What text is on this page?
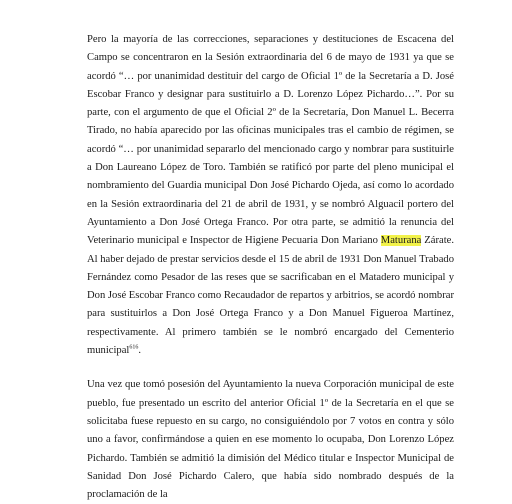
Pero la mayoría de las correcciones, separaciones y destituciones de Escacena del Campo se concentraron en la Sesión extraordinaria del 6 de mayo de 1931 ya que se acordó “… por unanimidad destituir del cargo de Oficial 1º de la Secretaría a D. José Escobar Franco y designar para sustituirlo a D. Lorenzo López Pichardo…”. Por su parte, con el argumento de que el Oficial 2º de la Secretaría, Don Manuel L. Becerra Tirado, no había aparecido por las oficinas municipales tras el cambio de régimen, se acordó “… por unanimidad separarlo del mencionado cargo y nombrar para sustituirle a Don Laureano López de Toro. También se ratificó por parte del pleno municipal el nombramiento del Guardia municipal Don José Pichardo Ojeda, así como lo acordado en la Sesión extraordinaria del 21 de abril de 1931, y se nombró Alguacil portero del Ayuntamiento a Don José Ortega Franco. Por otra parte, se admitió la renuncia del Veterinario municipal e Inspector de Higiene Pecuaria Don Mariano Maturana Zárate. Al haber dejado de prestar servicios desde el 15 de abril de 1931 Don Manuel Trabado Fernández como Pesador de las reses que se sacrificaban en el Matadero municipal y Don José Escobar Franco como Recaudador de repartos y arbitrios, se acordó nombrar para sustituirlos a Don José Ortega Franco y a Don Manuel Figueroa Martínez, respectivamente. Al primero también se le nombró encargado del Cementerio municipal$^{616}$.

Una vez que tomó posesión del Ayuntamiento la nueva Corporación municipal de este pueblo, fue presentado un escrito del anterior Oficial 1º de la Secretaría en el que se solicitaba fuese repuesto en su cargo, no consiguiéndolo por 7 votos en contra y sólo uno a favor, confirmándose a quien en ese momento lo ocupaba, Don Lorenzo López Pichardo. También se admitió la dimisión del Médico titular e Inspector Municipal de Sanidad Don José Pichardo Calero, que había sido nombrado después de la proclamación de la
